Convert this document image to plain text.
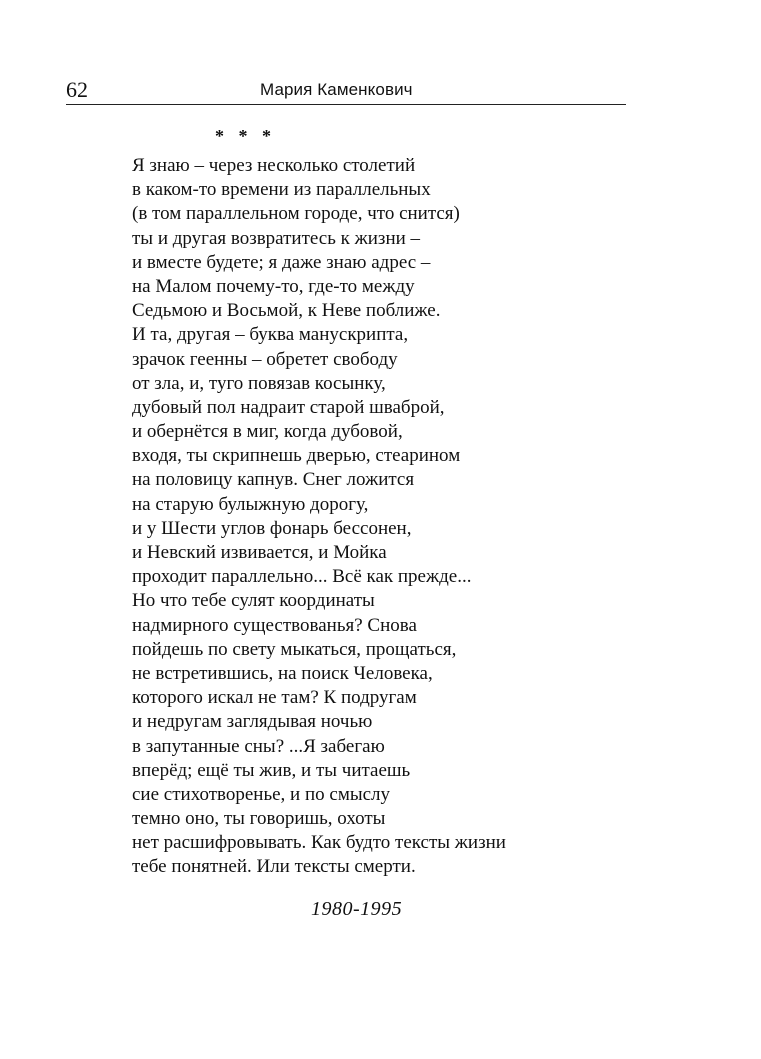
62	Мария Каменкович
* * *
Я знаю – через несколько столетий
в каком-то времени из параллельных
(в том параллельном городе, что снится)
ты и другая возвратитесь к жизни –
и вместе будете; я даже знаю адрес –
на Малом почему-то, где-то между
Седьмою и Восьмой, к Неве поближе.
И та, другая – буква манускрипта,
зрачок геенны – обретет свободу
от зла, и, туго повязав косынку,
дубовый пол надраит старой шваброй,
и обернётся в миг, когда дубовой,
входя, ты скрипнешь дверью, стеарином
на половицу капнув. Снег ложится
на старую булыжную дорогу,
и у Шести углов фонарь бессонен,
и Невский извивается, и Мойка
проходит параллельно... Всё как прежде...
Но что тебе сулят координаты
надмирного существованья? Снова
пойдешь по свету мыкаться, прощаться,
не встретившись, на поиск Человека,
которого искал не там? К подругам
и недругам заглядывая ночью
в запутанные сны? ...Я забегаю
вперёд; ещё ты жив, и ты читаешь
сие стихотворенье, и по смыслу
темно оно, ты говоришь, охоты
нет расшифровывать. Как будто тексты жизни
тебе понятней. Или тексты смерти.
1980-1995
